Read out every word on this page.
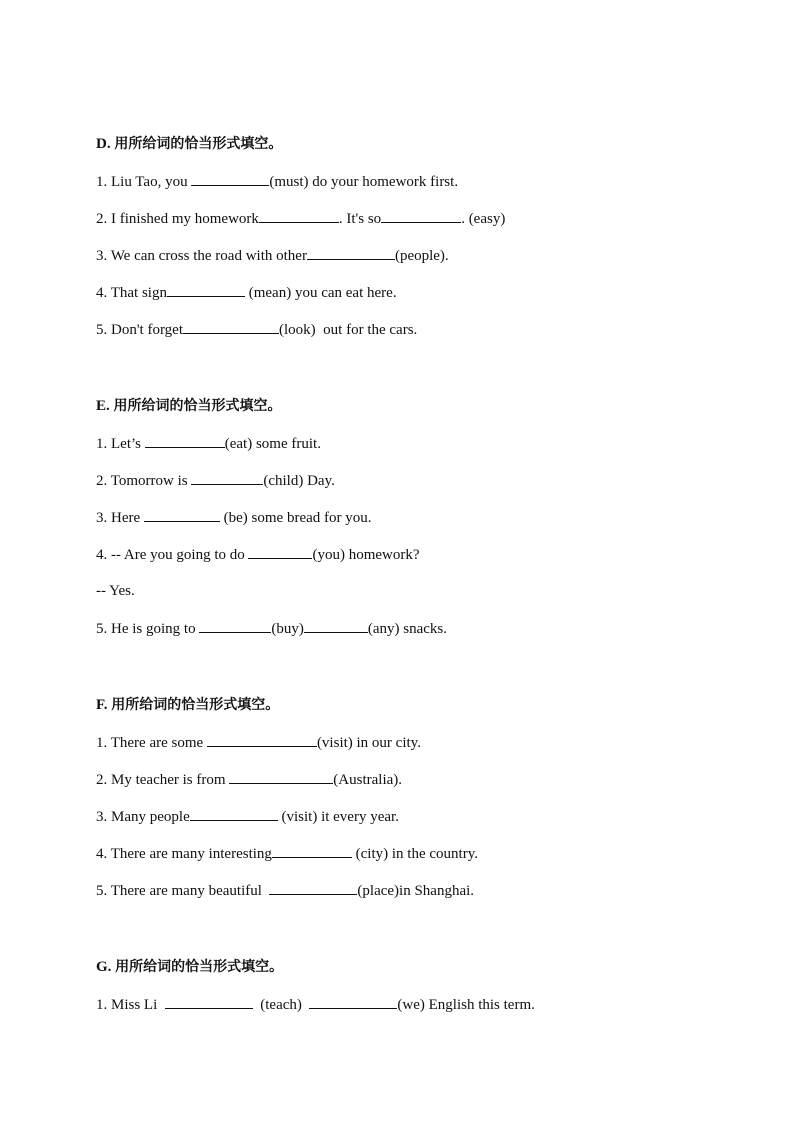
D. 用所给词的恰当形式填空。
1. Liu Tao, you	(must) do your homework first.
2. I finished my homework	. It's so	. (easy)
3. We can cross the road with other	(people).
4. That sign	(mean) you can eat here.
5. Don't forget	(look)  out for the cars.
E. 用所给词的恰当形式填空。
1. Let’s	(eat) some fruit.
2. Tomorrow is	(child) Day.
3. Here	(be) some bread for you.
4. -- Are you going to do	(you) homework?
-- Yes.
5. He is going to	(buy)	(any) snacks.
F. 用所给词的恰当形式填空。
1. There are some	(visit) in our city.
2. My teacher is from	(Australia).
3. Many people	(visit) it every year.
4. There are many interesting	(city) in the country.
5. There are many beautiful	(place)in Shanghai.
G. 用所给词的恰当形式填空。
1. Miss Li	(teach)	(we) English this term.
